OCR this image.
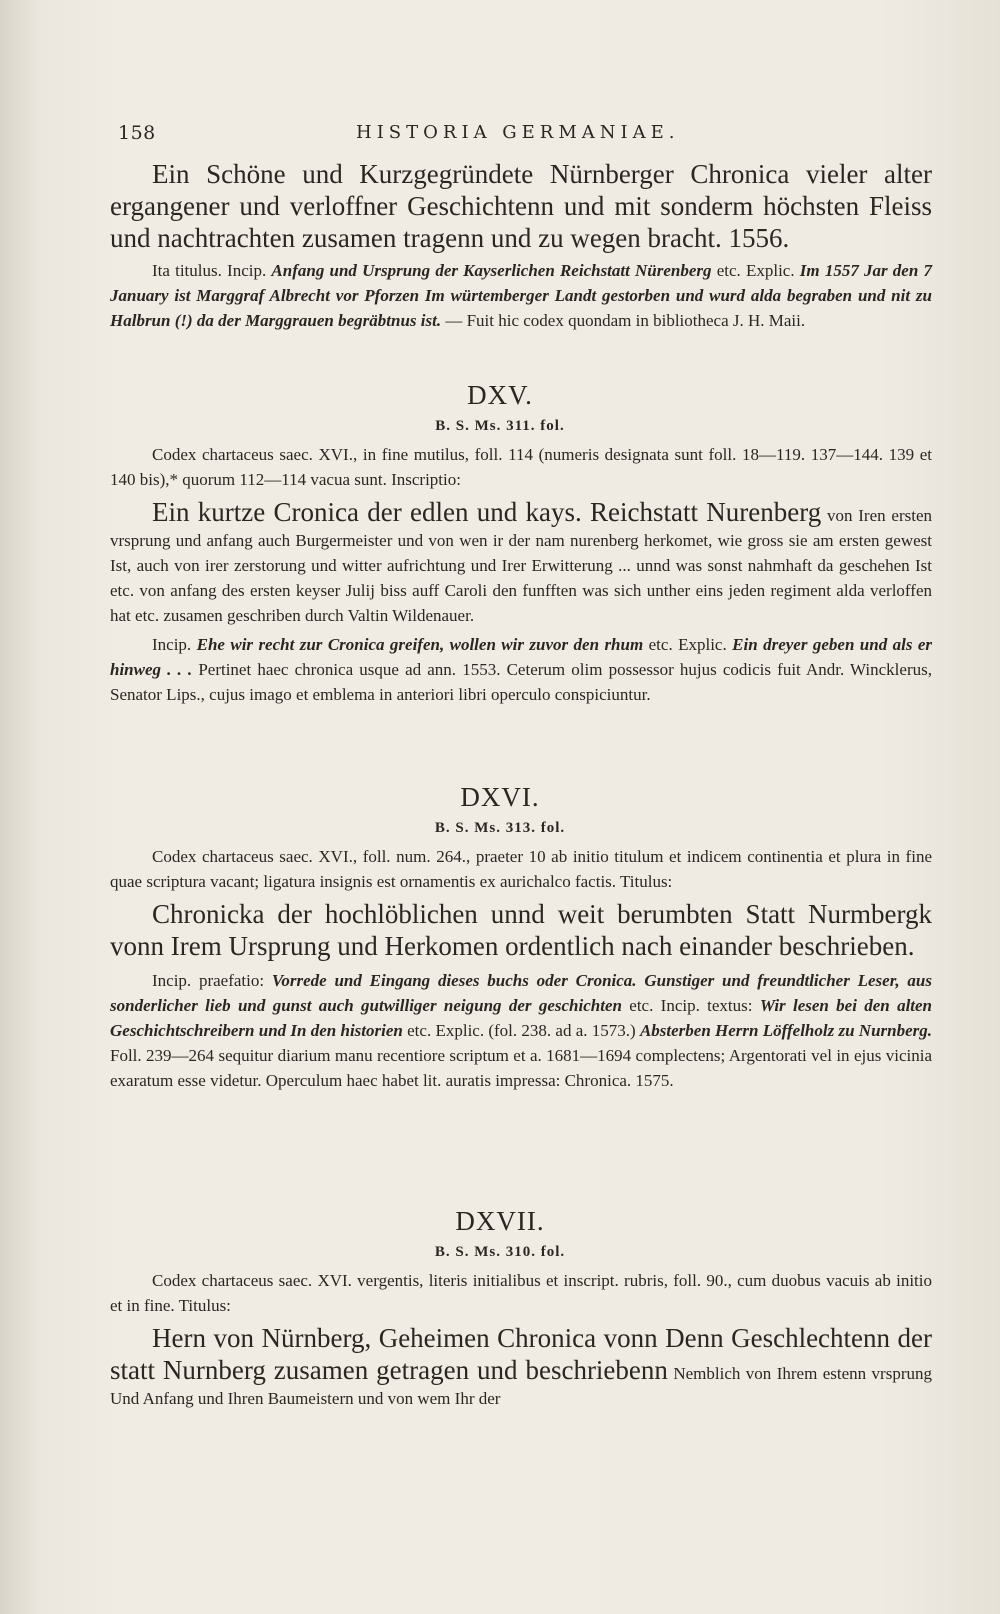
158	HISTORIA GERMANIAE.

Ein Schöne und Kurzgegründete Nürnberger Chronica vieler alter ergangener und verloffner Geschichtenn und mit sonderm höchsten Fleiss und nachtrachten zusamen tragenn und zu wegen bracht. 1556.

Ita titulus. Incip. Anfang und Ursprung der Kayserlichen Reichstatt Nürenberg etc. Explic. Im 1557 Jar den 7 January ist Marggraf Albrecht vor Pforzen Im würtemberger Landt gestorben und wurd alda begraben und nit zu Halbrun (!) da der Marggrauen begräbtnus ist. — Fuit hic codex quondam in bibliotheca J. H. Maii.

DXV.
B. S. Ms. 311. fol.

Codex chartaceus saec. XVI., in fine mutilus, foll. 114 (numeris designata sunt foll. 18—119. 137—144. 139 et 140 bis),* quorum 112—114 vacua sunt. Inscriptio:

Ein kurtze Cronica der edlen und kays. Reichstatt Nurenberg von Iren ersten vrsprung und anfang auch Burgermeister und von wen ir der nam nurenberg herkomet, wie gross sie am ersten gewest Ist, auch von irer zerstorung und witter aufrichtung und Irer Erwitterung ... unnd was sonst nahmhaft da geschehen Ist etc. von anfang des ersten keyser Julij biss auff Caroli den funfften was sich unther eins jeden regiment alda verloffen hat etc. zusamen geschriben durch Valtin Wildenauer.

Incip. Ehe wir recht zur Cronica greifen, wollen wir zuvor den rhum etc. Explic. Ein dreyer geben und als er hinweg . . . Pertinet haec chronica usque ad ann. 1553. Ceterum olim possessor hujus codicis fuit Andr. Wincklerus, Senator Lips., cujus imago et emblema in anteriori libri operculo conspiciuntur.

DXVI.
B. S. Ms. 313. fol.

Codex chartaceus saec. XVI., foll. num. 264., praeter 10 ab initio titulum et indicem continentia et plura in fine quae scriptura vacant; ligatura insignis est ornamentis ex aurichalco factis. Titulus:

Chronicka der hochlöblichen unnd weit berumbten Statt Nurmbergk vonn Irem Ursprung und Herkomen ordentlich nach einander beschrieben.

Incip. praefatio: Vorrede und Eingang dieses buchs oder Cronica. Gunstiger und freundtlicher Leser, aus sonderlicher lieb und gunst auch gutwilliger neigung der geschichten etc. Incip. textus: Wir lesen bei den alten Geschichtschreibern und In den historien etc. Explic. (fol. 238. ad a. 1573.) Absterben Herrn Löffelholz zu Nurnberg. Foll. 239—264 sequitur diarium manu recentiore scriptum et a. 1681—1694 complectens; Argentorati vel in ejus vicinia exaratum esse videtur. Operculum haec habet lit. auratis impressa: Chronica. 1575.

DXVII.
B. S. Ms. 310. fol.

Codex chartaceus saec. XVI. vergentis, literis initialibus et inscript. rubris, foll. 90., cum duobus vacuis ab initio et in fine. Titulus:

Hern von Nürnberg, Geheimen Chronica vonn Denn Geschlechtenn der statt Nurnberg zusamen getragen und beschriebenn Nemblich von Ihrem estenn vrsprung Und Anfang und Ihren Baumeistern und von wem Ihr der
